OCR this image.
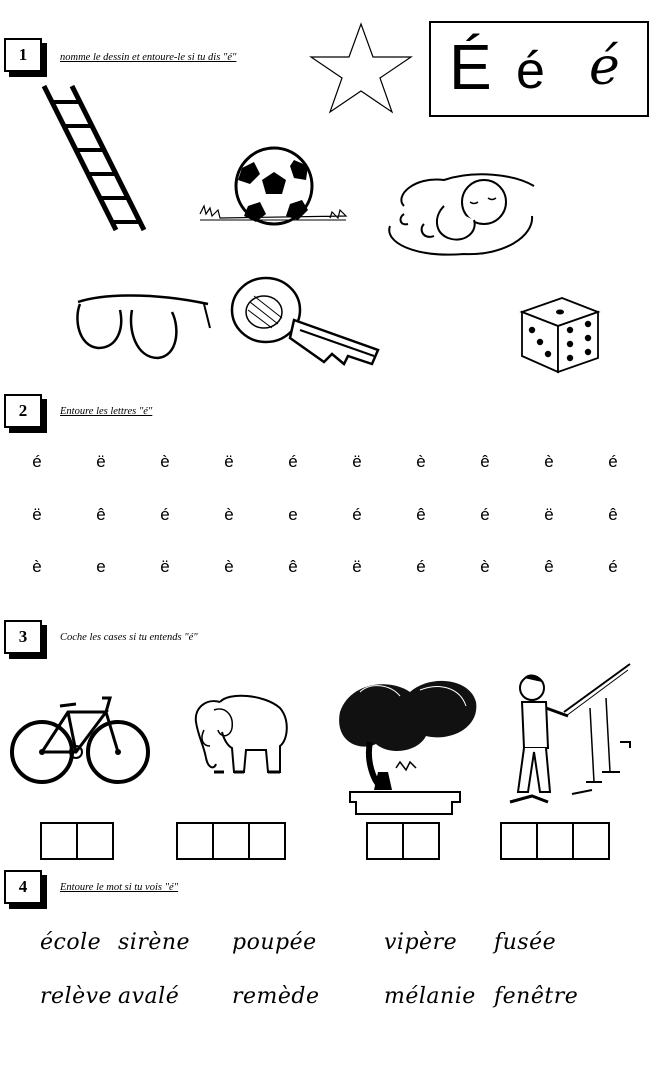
1	nomme le dessin et entoure-le si tu dis "é"	É é é
2	Entoure les lettres "é"
é	ë	è	ë	é	ë	è	ê	è	é
ë	ê	é	è	e	é	ê	é	ë	ê
è	e	ë	è	ê	ë	é	è	ê	é
3	Coche les cases si tu entends "é"
4	Entoure le mot si tu vois "é"
école sirène poupée	vipère fusée
relève avalé remède	mélanie fenêtre
